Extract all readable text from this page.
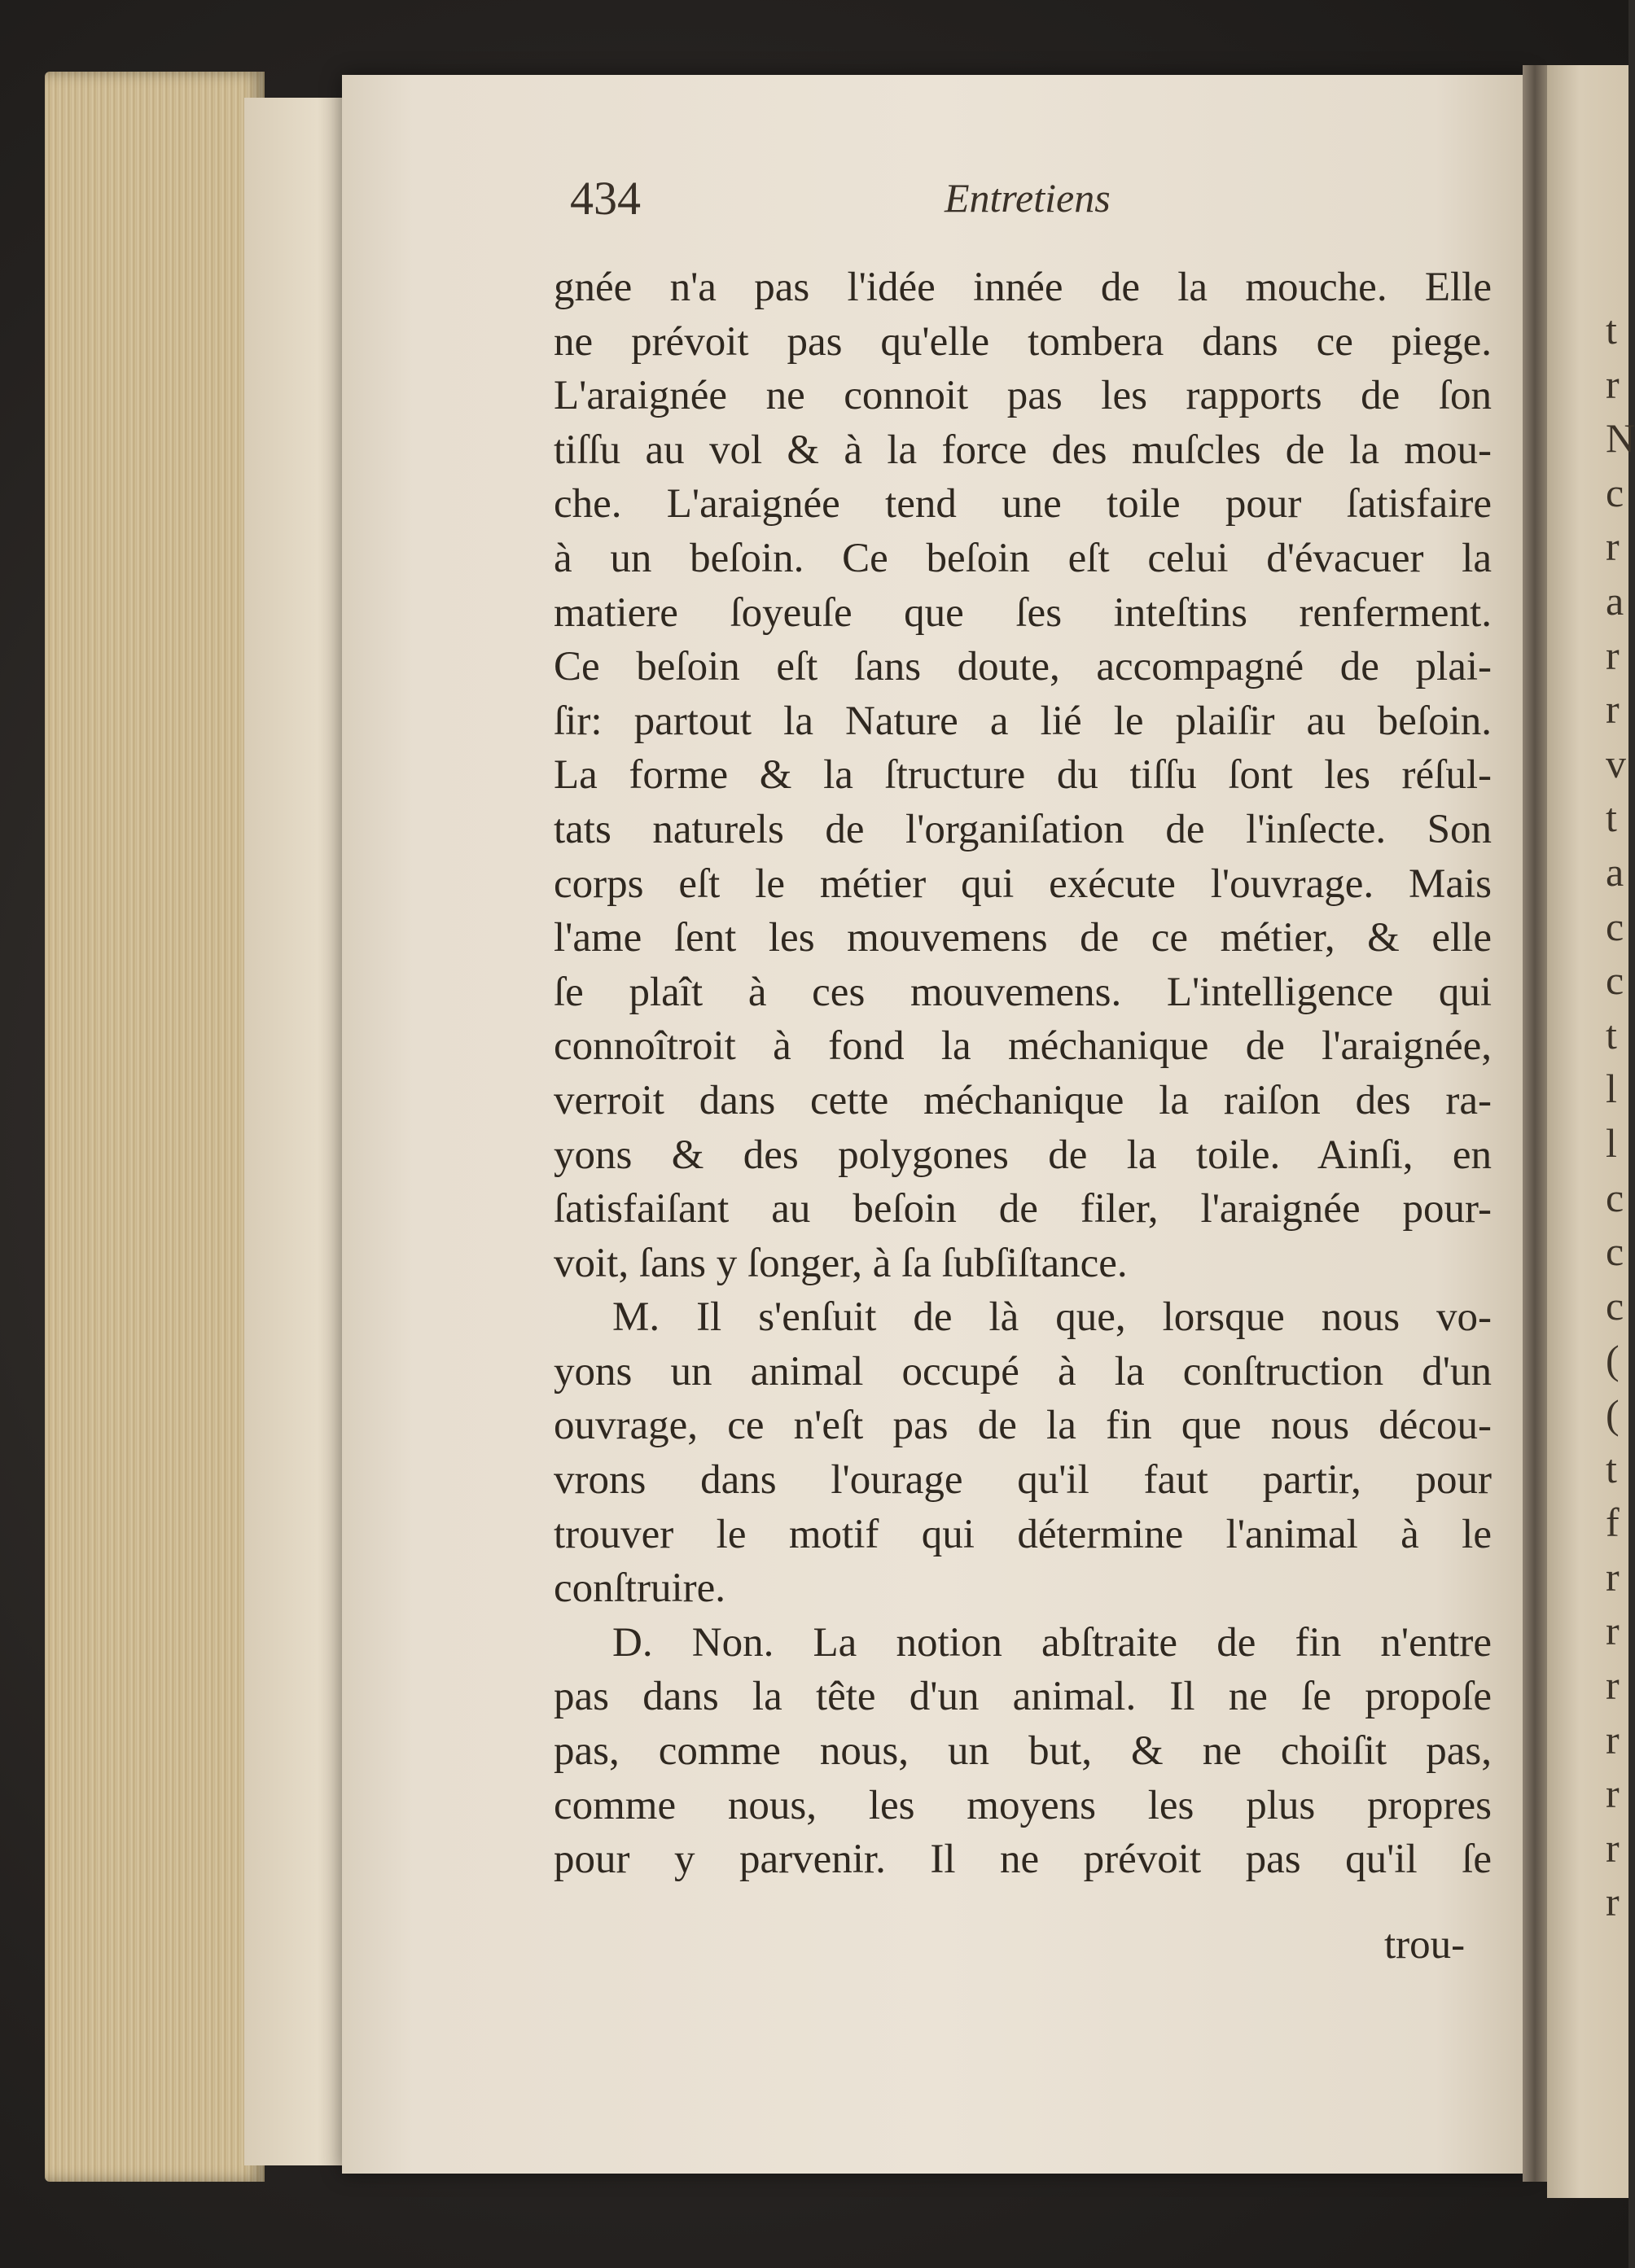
t
r
N
c
r
a
r
r
v
t
a
c
c
t
l
l
c
c
c
(
(
t
f
r
r
r
r
r
r
r
434	Entretiens
gnée n'a pas l'idée innée de la mouche. Elle
ne prévoit pas qu'elle tombera dans ce piege.
L'araignée ne connoit pas les rapports de ſon
tiſſu au vol & à la force des muſcles de la mou-
che. L'araignée tend une toile pour ſatisfaire
à un beſoin. Ce beſoin eſt celui d'évacuer la
matiere ſoyeuſe que ſes inteſtins renferment.
Ce beſoin eſt ſans doute, accompagné de plai-
ſir: partout la Nature a lié le plaiſir au beſoin.
La forme & la ſtructure du tiſſu ſont les réſul-
tats naturels de l'organiſation de l'inſecte. Son
corps eſt le métier qui exécute l'ouvrage. Mais
l'ame ſent les mouvemens de ce métier, & elle
ſe plaît à ces mouvemens. L'intelligence qui
connoîtroit à fond la méchanique de l'araignée,
verroit dans cette méchanique la raiſon des ra-
yons & des polygones de la toile. Ainſi, en
ſatisfaiſant au beſoin de filer, l'araignée pour-
voit, ſans y ſonger, à ſa ſubſiſtance.
M. Il s'enſuit de là que, lorsque nous vo-
yons un animal occupé à la conſtruction d'un
ouvrage, ce n'eſt pas de la fin que nous décou-
vrons dans l'ourage qu'il faut partir, pour
trouver le motif qui détermine l'animal à le
conſtruire.
D. Non. La notion abſtraite de fin n'entre
pas dans la tête d'un animal. Il ne ſe propoſe
pas, comme nous, un but, & ne choiſit pas,
comme nous, les moyens les plus propres
pour y parvenir. Il ne prévoit pas qu'il ſe
trou-
